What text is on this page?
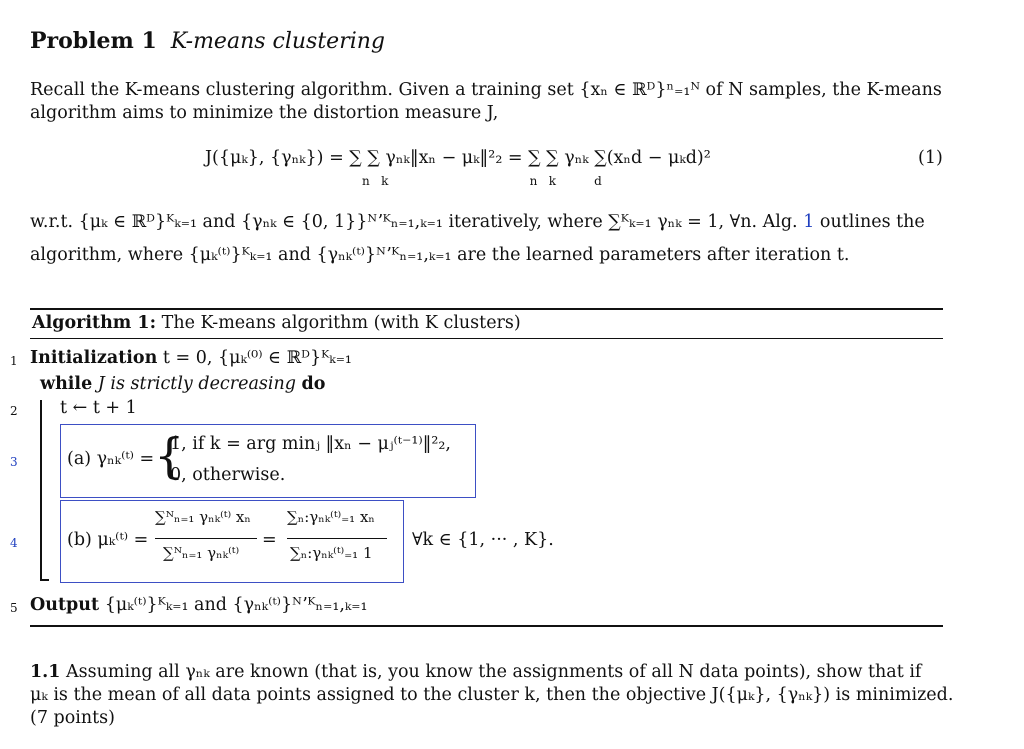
Problem 1 K-means clustering
Recall the K-means clustering algorithm. Given a training set {xₙ ∈ ℝᴰ}ⁿ₌₁ᴺ of N samples, the K-means
algorithm aims to minimize the distortion measure J,
J({μₖ}, {γₙₖ}) = ∑ ∑ γₙₖ‖xₙ − μₖ‖²₂ = ∑ ∑ γₙₖ ∑(xₙd − μₖd)²
n   k                                     n   k          d
(1)
w.r.t. {μₖ ∈ ℝᴰ}ᴷₖ₌₁ and {γₙₖ ∈ {0, 1}}ᴺʼᴷₙ₌₁,ₖ₌₁ iteratively, where ∑ᴷₖ₌₁ γₙₖ = 1, ∀n. Alg. 1 outlines the
algorithm, where {μₖ⁽ᵗ⁾}ᴷₖ₌₁ and {γₙₖ⁽ᵗ⁾}ᴺʼᴷₙ₌₁,ₖ₌₁ are the learned parameters after iteration t.
Algorithm 1: The K-means algorithm (with K clusters)
1 Initialization t = 0, {μₖ⁽⁰⁾ ∈ ℝᴰ}ᴷₖ₌₁
while J is strictly decreasing do
2 t ← t + 1
3	(a) γₙₖ⁽ᵗ⁾ = {
1, if k = arg minⱼ ‖xₙ − μⱼ⁽ᵗ⁻¹⁾‖²₂,
0, otherwise.
4	(b) μₖ⁽ᵗ⁾ =
∑ᴺₙ₌₁ γₙₖ⁽ᵗ⁾ xₙ
∑ᴺₙ₌₁ γₙₖ⁽ᵗ⁾
=
∑ₙ:γₙₖ⁽ᵗ⁾₌₁ xₙ
∑ₙ:γₙₖ⁽ᵗ⁾₌₁ 1
∀k ∈ {1, ··· , K}.
5 Output {μₖ⁽ᵗ⁾}ᴷₖ₌₁ and {γₙₖ⁽ᵗ⁾}ᴺʼᴷₙ₌₁,ₖ₌₁
1.1 Assuming all γₙₖ are known (that is, you know the assignments of all N data points), show that if
μₖ is the mean of all data points assigned to the cluster k, then the objective J({μₖ}, {γₙₖ}) is minimized.
(7 points)
